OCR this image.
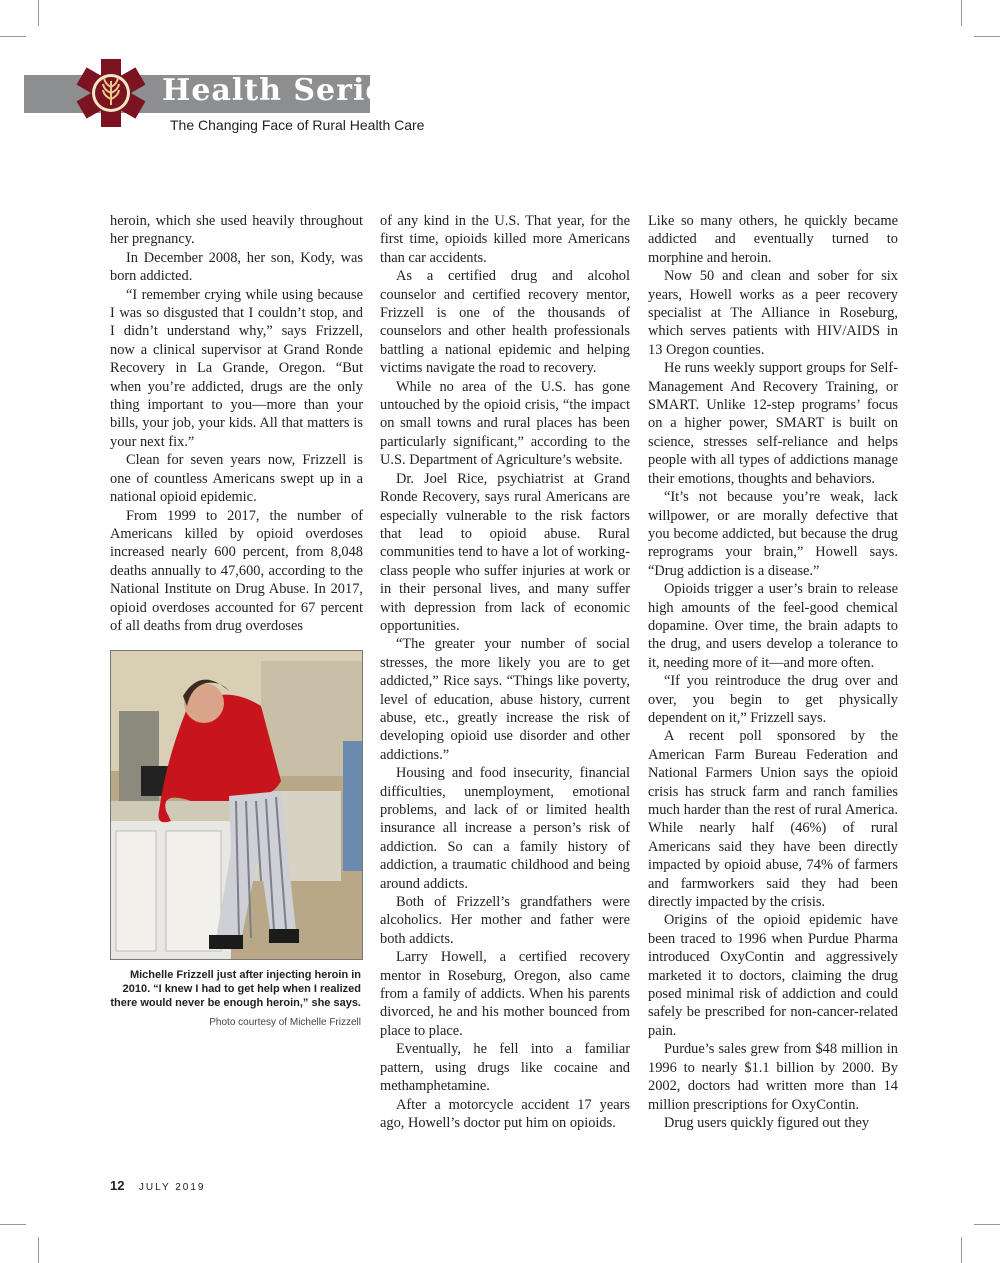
Health Series
The Changing Face of Rural Health Care

heroin, which she used heavily throughout her pregnancy.

In December 2008, her son, Kody, was born addicted.

“I remember crying while using because I was so disgusted that I couldn’t stop, and I didn’t understand why,” says Frizzell, now a clinical supervisor at Grand Ronde Recovery in La Grande, Oregon. “But when you’re addicted, drugs are the only thing important to you—more than your bills, your job, your kids. All that matters is your next fix.”

Clean for seven years now, Frizzell is one of countless Americans swept up in a national opioid epidemic.

From 1999 to 2017, the number of Americans killed by opioid overdoses increased nearly 600 percent, from 8,048 deaths annually to 47,600, according to the National Institute on Drug Abuse. In 2017, opioid overdoses accounted for 67 percent of all deaths from drug overdoses

of any kind in the U.S. That year, for the first time, opioids killed more Americans than car accidents.

As a certified drug and alcohol counselor and certified recovery mentor, Frizzell is one of the thousands of counselors and other health professionals battling a national epidemic and helping victims navigate the road to recovery.

While no area of the U.S. has gone untouched by the opioid crisis, “the impact on small towns and rural places has been particularly significant,” according to the U.S. Department of Agriculture’s website.

Dr. Joel Rice, psychiatrist at Grand Ronde Recovery, says rural Americans are especially vulnerable to the risk factors that lead to opioid abuse. Rural communities tend to have a lot of working-class people who suffer injuries at work or in their personal lives, and many suffer with depression from lack of economic opportunities.

“The greater your number of social stresses, the more likely you are to get addicted,” Rice says. “Things like poverty, level of education, abuse history, current abuse, etc., greatly increase the risk of developing opioid use disorder and other addictions.”

Housing and food insecurity, financial difficulties, unemployment, emotional problems, and lack of or limited health insurance all increase a person’s risk of addiction. So can a family history of addiction, a traumatic childhood and being around addicts.

Both of Frizzell’s grandfathers were alcoholics. Her mother and father were both addicts.

Larry Howell, a certified recovery mentor in Roseburg, Oregon, also came from a family of addicts. When his parents divorced, he and his mother bounced from place to place.

Eventually, he fell into a familiar pattern, using drugs like cocaine and methamphetamine.

After a motorcycle accident 17 years ago, Howell’s doctor put him on opioids.

Like so many others, he quickly became addicted and eventually turned to morphine and heroin.

Now 50 and clean and sober for six years, Howell works as a peer recovery specialist at The Alliance in Roseburg, which serves patients with HIV/AIDS in 13 Oregon counties.

He runs weekly support groups for Self-Management And Recovery Training, or SMART. Unlike 12-step programs’ focus on a higher power, SMART is built on science, stresses self-reliance and helps people with all types of addictions manage their emotions, thoughts and behaviors.

“It’s not because you’re weak, lack willpower, or are morally defective that you become addicted, but because the drug reprograms your brain,” Howell says. “Drug addiction is a disease.”

Opioids trigger a user’s brain to release high amounts of the feel-good chemical dopamine. Over time, the brain adapts to the drug, and users develop a tolerance to it, needing more of it—and more often.

“If you reintroduce the drug over and over, you begin to get physically dependent on it,” Frizzell says.

A recent poll sponsored by the American Farm Bureau Federation and National Farmers Union says the opioid crisis has struck farm and ranch families much harder than the rest of rural America. While nearly half (46%) of rural Americans said they have been directly impacted by opioid abuse, 74% of farmers and farmworkers said they had been directly impacted by the crisis.

Origins of the opioid epidemic have been traced to 1996 when Purdue Pharma introduced OxyContin and aggressively marketed it to doctors, claiming the drug posed minimal risk of addiction and could safely be prescribed for non-cancer-related pain.

Purdue’s sales grew from $48 million in 1996 to nearly $1.1 billion by 2000. By 2002, doctors had written more than 14 million prescriptions for OxyContin.

Drug users quickly figured out they

Michelle Frizzell just after injecting heroin in 2010. “I knew I had to get help when I realized there would never be enough heroin,” she says.
Photo courtesy of Michelle Frizzell
12 JULY 2019
